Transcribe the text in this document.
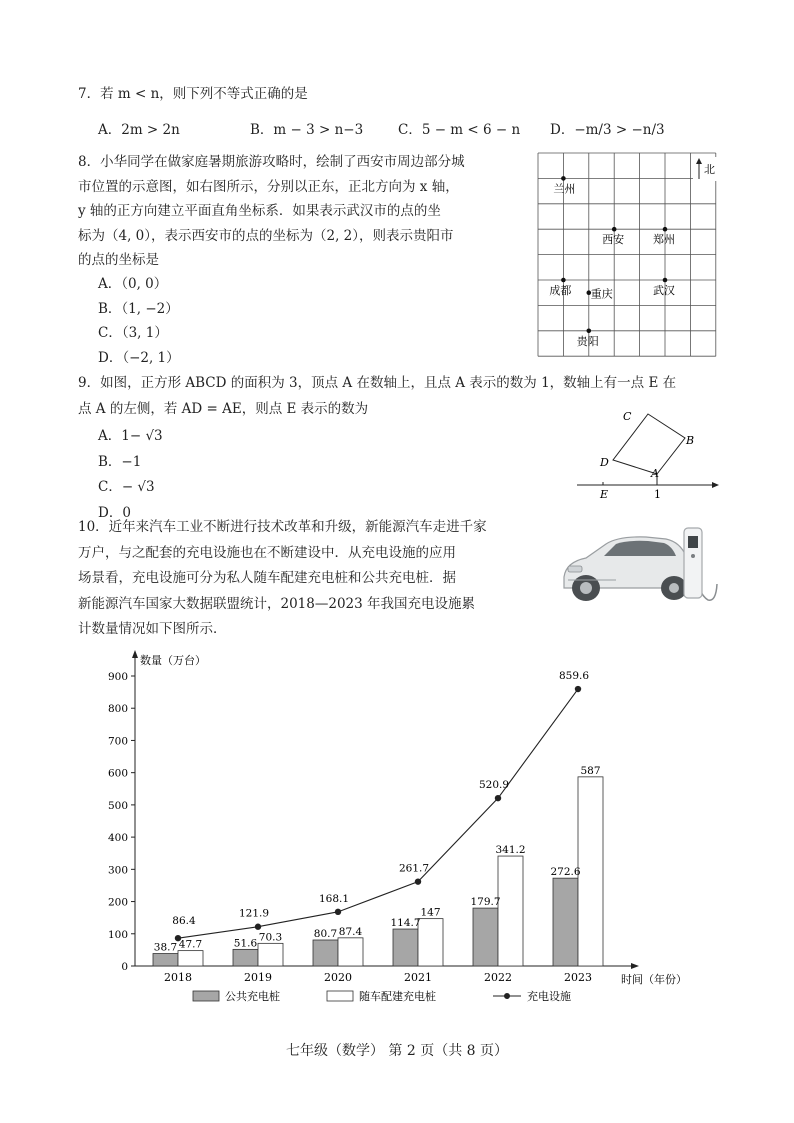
7．若 m < n，则下列不等式正确的是
A．2m > 2n	B．m − 3 > n−3	C．5 − m < 6 − n D．−m/3 > −n/3
8．小华同学在做家庭暑期旅游攻略时，绘制了西安市周边部分城
市位置的示意图，如右图所示，分别以正东，正北方向为 x 轴，
y 轴的正方向建立平面直角坐标系．如果表示武汉市的点的坐
标为（4, 0），表示西安市的点的坐标为（2, 2），则表示贵阳市
的点的坐标是
A．（0, 0）
B．（1, −2）
C．（3, 1）
D．（−2, 1）
北
兰州
西安	郑州
成都 重庆	武汉
贵阳
9．如图，正方形 ABCD 的面积为 3，顶点 A 在数轴上，且点 A 表示的数为 1，数轴上有一点 E 在
点 A 的左侧，若 AD = AE，则点 E 表示的数为
A．1− √3
B．−1
C．− √3
D．0
C
B
D
A
E	1
10．近年来汽车工业不断进行技术改革和升级，新能源汽车走进千家
万户，与之配套的充电设施也在不断建设中．从充电设施的应用
场景看，充电设施可分为私人随车配建充电桩和公共充电桩．据
新能源汽车国家大数据联盟统计，2018—2023 年我国充电设施累
计数量情况如下图所示．
数量（万台）
时间（年份）
0
100
200
300
400
500
600
700
800
900
38.7 47.7
2018
51.6
70.3
2019
80.7 87.4
2020
114.7
147
2021
179.7
341.2
2022
272.6
587
2023
86.4
121.9
168.1
261.7
520.9
859.6
公共充电桩	随车配建充电桩	充电设施
七年级（数学） 第 2 页（共 8 页）
